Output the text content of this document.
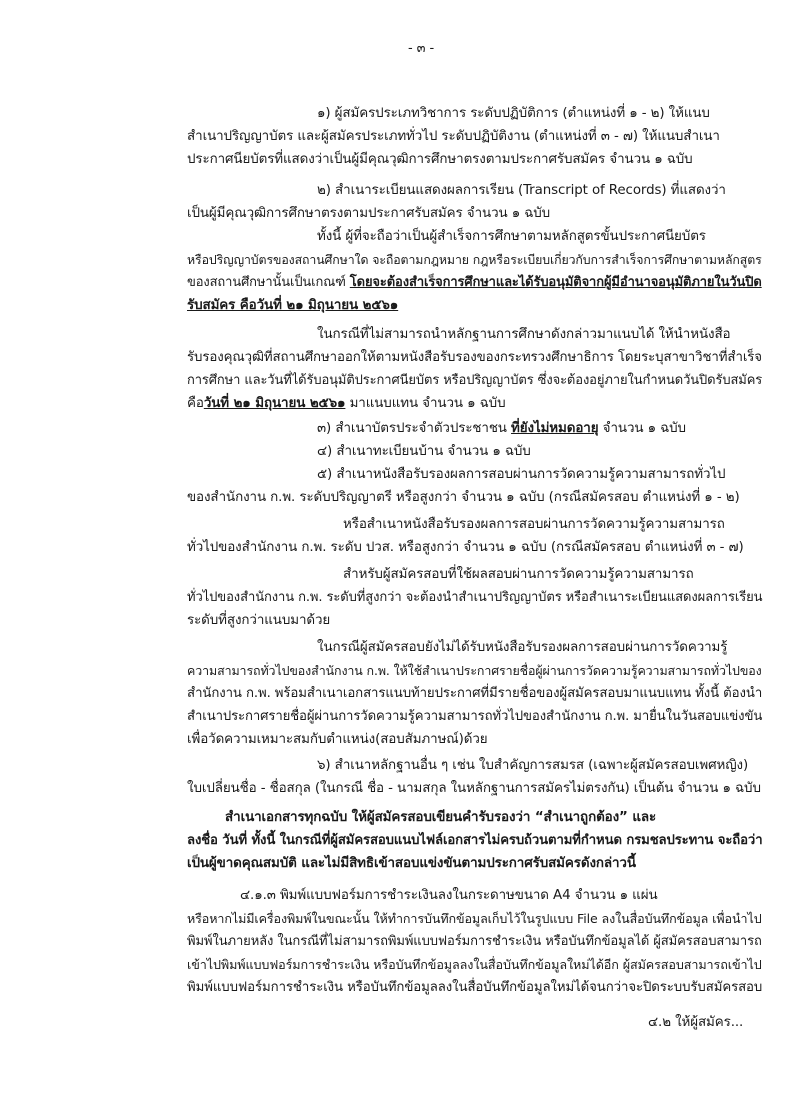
- ๓ -
๑) ผู้สมัครประเภทวิชาการ ระดับปฏิบัติการ (ตำแหน่งที่ ๑ - ๒) ให้แนบ
สำเนาปริญญาบัตร และผู้สมัครประเภททั่วไป ระดับปฏิบัติงาน (ตำแหน่งที่ ๓ - ๗) ให้แนบสำเนา
ประกาศนียบัตรที่แสดงว่าเป็นผู้มีคุณวุฒิการศึกษาตรงตามประกาศรับสมัคร จำนวน ๑ ฉบับ
๒) สำเนาระเบียนแสดงผลการเรียน (Transcript of Records) ที่แสดงว่า
เป็นผู้มีคุณวุฒิการศึกษาตรงตามประกาศรับสมัคร จำนวน ๑ ฉบับ
ทั้งนี้ ผู้ที่จะถือว่าเป็นผู้สำเร็จการศึกษาตามหลักสูตรขั้นประกาศนียบัตร
หรือปริญญาบัตรของสถานศึกษาใด จะถือตามกฎหมาย กฎหรือระเบียบเกี่ยวกับการสำเร็จการศึกษาตามหลักสูตร
ของสถานศึกษานั้นเป็นเกณฑ์ โดยจะต้องสำเร็จการศึกษาและได้รับอนุมัติจากผู้มีอำนาจอนุมัติภายในวันปิด
รับสมัคร คือวันที่ ๒๑ มิถุนายน ๒๕๖๑
ในกรณีที่ไม่สามารถนำหลักฐานการศึกษาดังกล่าวมาแนบได้ ให้นำหนังสือ
รับรองคุณวุฒิที่สถานศึกษาออกให้ตามหนังสือรับรองของกระทรวงศึกษาธิการ โดยระบุสาขาวิชาที่สำเร็จ
การศึกษา และวันที่ได้รับอนุมัติประกาศนียบัตร หรือปริญญาบัตร ซึ่งจะต้องอยู่ภายในกำหนดวันปิดรับสมัคร
คือวันที่ ๒๑ มิถุนายน ๒๕๖๑ มาแนบแทน จำนวน ๑ ฉบับ
๓) สำเนาบัตรประจำตัวประชาชน ที่ยังไม่หมดอายุ จำนวน ๑ ฉบับ
๔) สำเนาทะเบียนบ้าน จำนวน ๑ ฉบับ
๕) สำเนาหนังสือรับรองผลการสอบผ่านการวัดความรู้ความสามารถทั่วไป
ของสำนักงาน ก.พ. ระดับปริญญาตรี หรือสูงกว่า จำนวน ๑ ฉบับ (กรณีสมัครสอบ ตำแหน่งที่ ๑ - ๒)
หรือสำเนาหนังสือรับรองผลการสอบผ่านการวัดความรู้ความสามารถ
ทั่วไปของสำนักงาน ก.พ. ระดับ ปวส. หรือสูงกว่า จำนวน ๑ ฉบับ (กรณีสมัครสอบ ตำแหน่งที่ ๓ - ๗)
สำหรับผู้สมัครสอบที่ใช้ผลสอบผ่านการวัดความรู้ความสามารถ
ทั่วไปของสำนักงาน ก.พ. ระดับที่สูงกว่า จะต้องนำสำเนาปริญญาบัตร หรือสำเนาระเบียนแสดงผลการเรียน
ระดับที่สูงกว่าแนบมาด้วย
ในกรณีผู้สมัครสอบยังไม่ได้รับหนังสือรับรองผลการสอบผ่านการวัดความรู้
ความสามารถทั่วไปของสำนักงาน ก.พ. ให้ใช้สำเนาประกาศรายชื่อผู้ผ่านการวัดความรู้ความสามารถทั่วไปของ
สำนักงาน ก.พ. พร้อมสำเนาเอกสารแนบท้ายประกาศที่มีรายชื่อของผู้สมัครสอบมาแนบแทน ทั้งนี้ ต้องนำ
สำเนาประกาศรายชื่อผู้ผ่านการวัดความรู้ความสามารถทั่วไปของสำนักงาน ก.พ. มายื่นในวันสอบแข่งขัน
เพื่อวัดความเหมาะสมกับตำแหน่ง(สอบสัมภาษณ์)ด้วย
๖) สำเนาหลักฐานอื่น ๆ เช่น ใบสำคัญการสมรส (เฉพาะผู้สมัครสอบเพศหญิง)
ใบเปลี่ยนชื่อ - ชื่อสกุล (ในกรณี ชื่อ - นามสกุล ในหลักฐานการสมัครไม่ตรงกัน) เป็นต้น จำนวน ๑ ฉบับ
สำเนาเอกสารทุกฉบับ ให้ผู้สมัครสอบเขียนคำรับรองว่า “สำเนาถูกต้อง” และ
ลงชื่อ วันที่ ทั้งนี้ ในกรณีที่ผู้สมัครสอบแนบไฟล์เอกสารไม่ครบถ้วนตามที่กำหนด กรมชลประทาน จะถือว่า
เป็นผู้ขาดคุณสมบัติ และไม่มีสิทธิเข้าสอบแข่งขันตามประกาศรับสมัครดังกล่าวนี้
๔.๑.๓ พิมพ์แบบฟอร์มการชำระเงินลงในกระดาษขนาด A4 จำนวน ๑ แผ่น
หรือหากไม่มีเครื่องพิมพ์ในขณะนั้น ให้ทำการบันทึกข้อมูลเก็บไว้ในรูปแบบ File ลงในสื่อบันทึกข้อมูล เพื่อนำไป
พิมพ์ในภายหลัง ในกรณีที่ไม่สามารถพิมพ์แบบฟอร์มการชำระเงิน หรือบันทึกข้อมูลได้ ผู้สมัครสอบสามารถ
เข้าไปพิมพ์แบบฟอร์มการชำระเงิน หรือบันทึกข้อมูลลงในสื่อบันทึกข้อมูลใหม่ได้อีก ผู้สมัครสอบสามารถเข้าไป
พิมพ์แบบฟอร์มการชำระเงิน หรือบันทึกข้อมูลลงในสื่อบันทึกข้อมูลใหม่ได้จนกว่าจะปิดระบบรับสมัครสอบ
๔.๒ ให้ผู้สมัคร...
